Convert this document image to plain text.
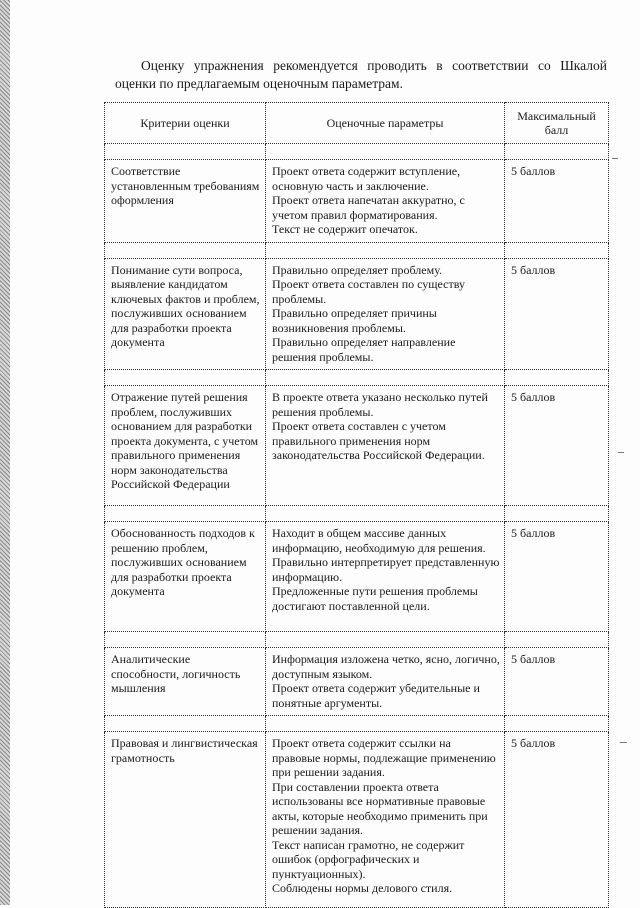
Оценку упражнения рекомендуется проводить в соответствии со Шкалой оценки по предлагаемым оценочным параметрам.

Критерии оценки	Оценочные параметры	Максимальный балл

Соответствие установленным требованиям оформления	Проект ответа содержит вступление, основную часть и заключение.
Проект ответа напечатан аккуратно, с учетом правил форматирования.
Текст не содержит опечаток.	5 баллов

Понимание сути вопроса, выявление кандидатом ключевых фактов и проблем, послуживших основанием для разработки проекта документа	Правильно определяет проблему.
Проект ответа составлен по существу проблемы.
Правильно определяет причины возникновения проблемы.
Правильно определяет направление решения проблемы.	5 баллов

Отражение путей решения проблем, послуживших основанием для разработки проекта документа, с учетом правильного применения норм законодательства Российской Федерации	В проекте ответа указано несколько путей решения проблемы.
Проект ответа составлен с учетом правильного применения норм законодательства Российской Федерации.	5 баллов

Обоснованность подходов к решению проблем, послуживших основанием для разработки проекта документа	Находит в общем массиве данных информацию, необходимую для решения.
Правильно интерпретирует представленную информацию.
Предложенные пути решения проблемы достигают поставленной цели.	5 баллов

Аналитические способности, логичность мышления	Информация изложена четко, ясно, логично, доступным языком.
Проект ответа содержит убедительные и понятные аргументы.	5 баллов

Правовая и лингвистическая грамотность	Проект ответа содержит ссылки на правовые нормы, подлежащие применению при решении задания.
При составлении проекта ответа использованы все нормативные правовые акты, которые необходимо применить при решении задания.
Текст написан грамотно, не содержит ошибок (орфографических и пунктуационных).
Соблюдены нормы делового стиля.	5 баллов
